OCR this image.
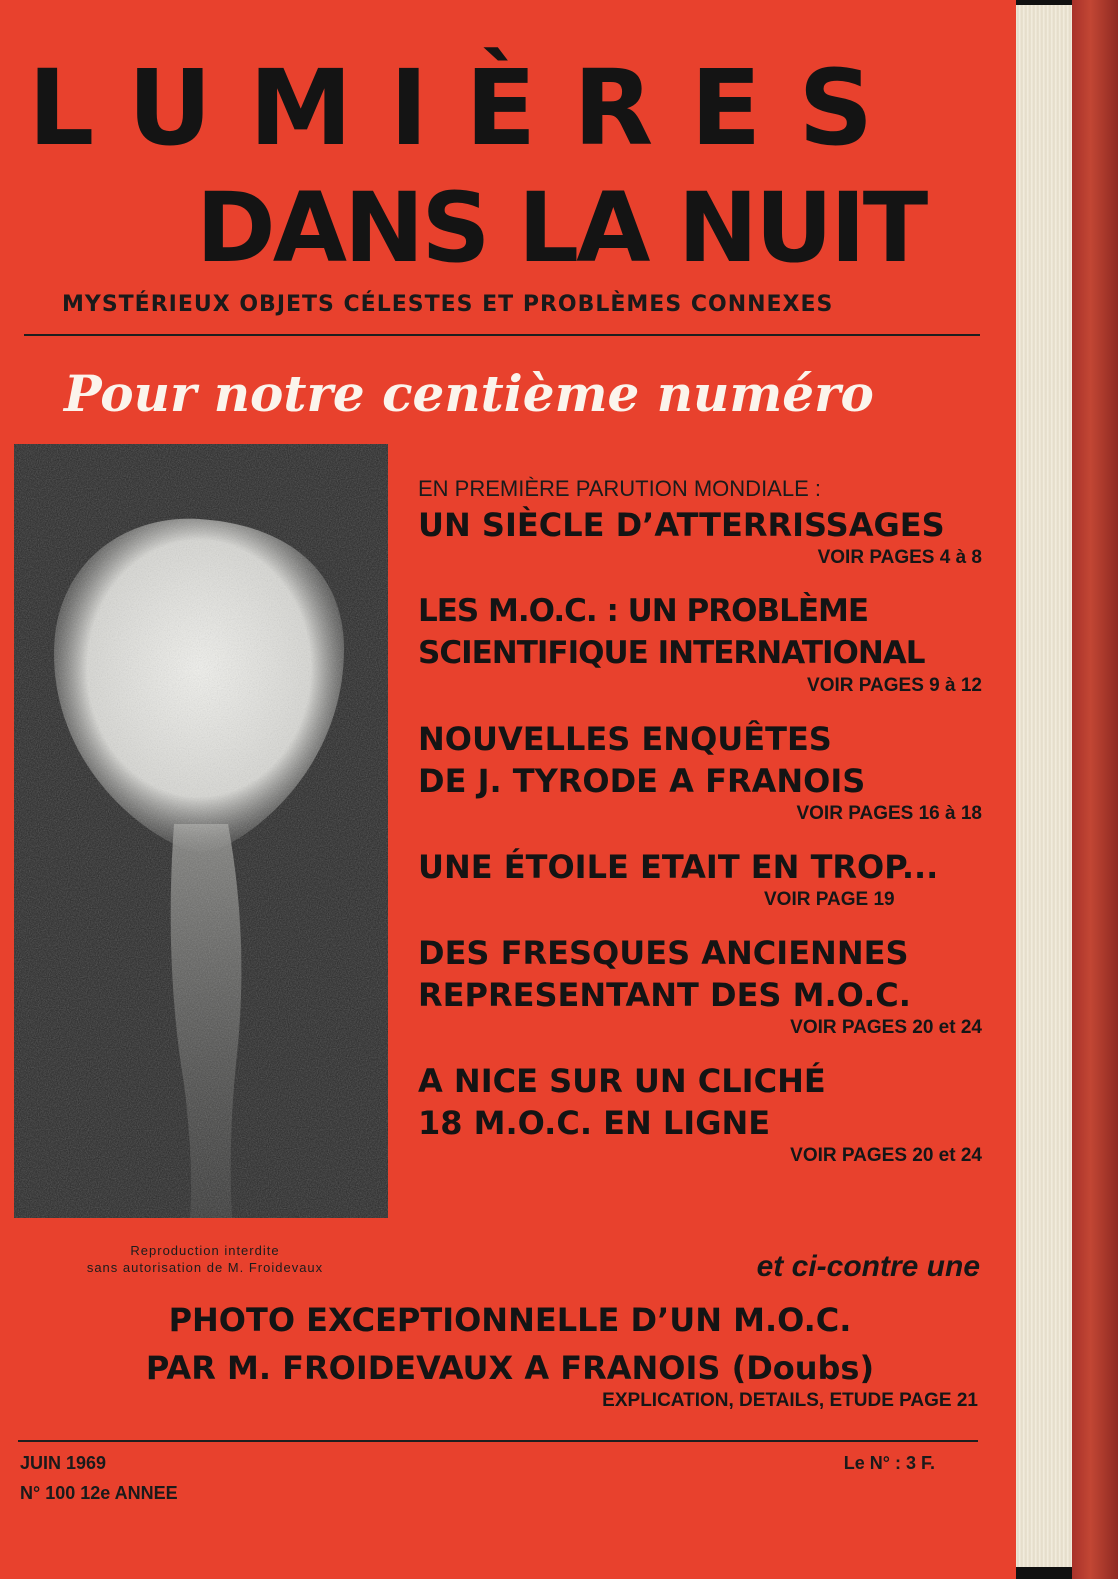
LUMIÈRES
DANS LA NUIT
MYSTÉRIEUX OBJETS CÉLESTES ET PROBLÈMES CONNEXES
Pour notre centième numéro
EN PREMIÈRE PARUTION MONDIALE :
UN SIÈCLE D’ATTERRISSAGES
VOIR PAGES 4 à 8
LES M.O.C. : UN PROBLÈME
SCIENTIFIQUE INTERNATIONAL
VOIR PAGES 9 à 12
NOUVELLES ENQUÊTES
DE J. TYRODE A FRANOIS
VOIR PAGES 16 à 18
UNE ÉTOILE ETAIT EN TROP...
VOIR PAGE 19
DES FRESQUES ANCIENNES
REPRESENTANT DES M.O.C.
VOIR PAGES 20 et 24
A NICE SUR UN CLICHÉ
18 M.O.C. EN LIGNE
VOIR PAGES 20 et 24
Reproduction interdite
sans autorisation de M. Froidevaux	et ci-contre une
PHOTO EXCEPTIONNELLE D’UN M.O.C.
PAR M. FROIDEVAUX A FRANOIS (Doubs)
EXPLICATION, DETAILS, ETUDE PAGE 21
JUIN 1969
N° 100 12e ANNEE
Le N° : 3 F.
